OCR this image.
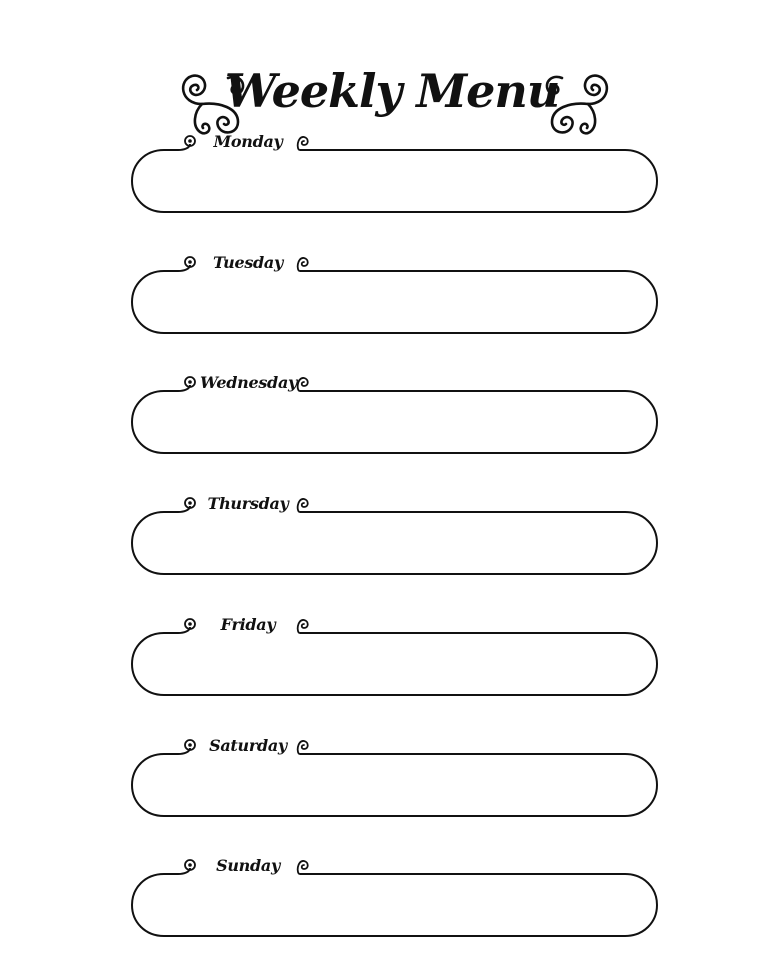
Weekly Menu
Monday
Tuesday
Wednesday
Thursday
Friday
Saturday
Sunday
